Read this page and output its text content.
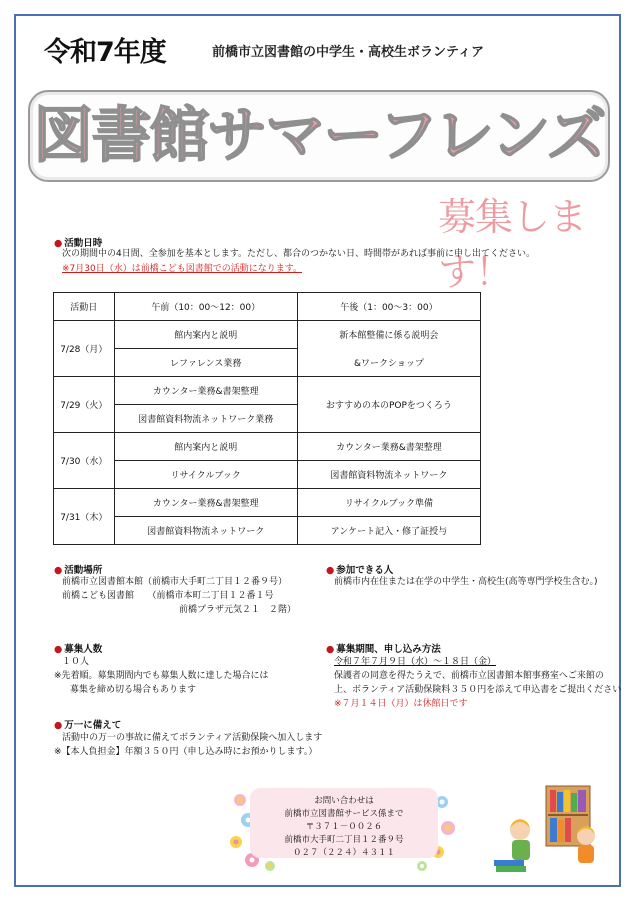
令和7年度	前橋市立図書館の中学生・高校生ボランティア
図書館サマーフレンズ
募集します！
● 活動日時
次の期間中の4日間、全参加を基本とします。ただし、都合のつかない日、時間帯があれば事前に申し出てください。
※7月30日（水）は前橋こども図書館での活動になります。
活動日	午前（10：00～12：00）	午後（1：00～3：00）
7/28（月）	館内案内と説明	新本館整備に係る説明会
	レファレンス業務	&ワークショップ
7/29（火）	カウンター業務&書架整理	おすすめの本のPOPをつくろう
	図書館資料物流ネットワーク業務	
7/30（水）	館内案内と説明	カウンター業務&書架整理
	リサイクルブック	図書館資料物流ネットワーク
7/31（木）	カウンター業務&書架整理	リサイクルブック準備
	図書館資料物流ネットワーク	アンケート記入・修了証授与
● 活動場所
前橋市立図書館本館（前橋市大手町二丁目１２番９号）
前橋こども図書館　　（前橋市本町二丁目１２番１号
前橋プラザ元気２１　２階）
● 参加できる人
前橋市内在住または在学の中学生・高校生(高等専門学校生含む。)
● 募集人数
１０人
※先着順。募集期間内でも募集人数に達した場合には
募集を締め切る場合もあります
● 募集期間、申し込み方法
令和７年７月９日（水）～１８日（金）
保護者の同意を得たうえで、前橋市立図書館本館事務室へご来館の
上、ボランティア活動保険料３５０円を添えて申込書をご提出ください
※７月１４日（月）は休館日です
● 万一に備えて
活動中の万一の事故に備えてボランティア活動保険へ加入します
※【本人負担金】年額３５０円（申し込み時にお預かりします。）
お問い合わせは
前橋市立図書館サービス係まで
〒３７１－００２６
前橋市大手町二丁目１２番９号
０２７（２２４）４３１１
